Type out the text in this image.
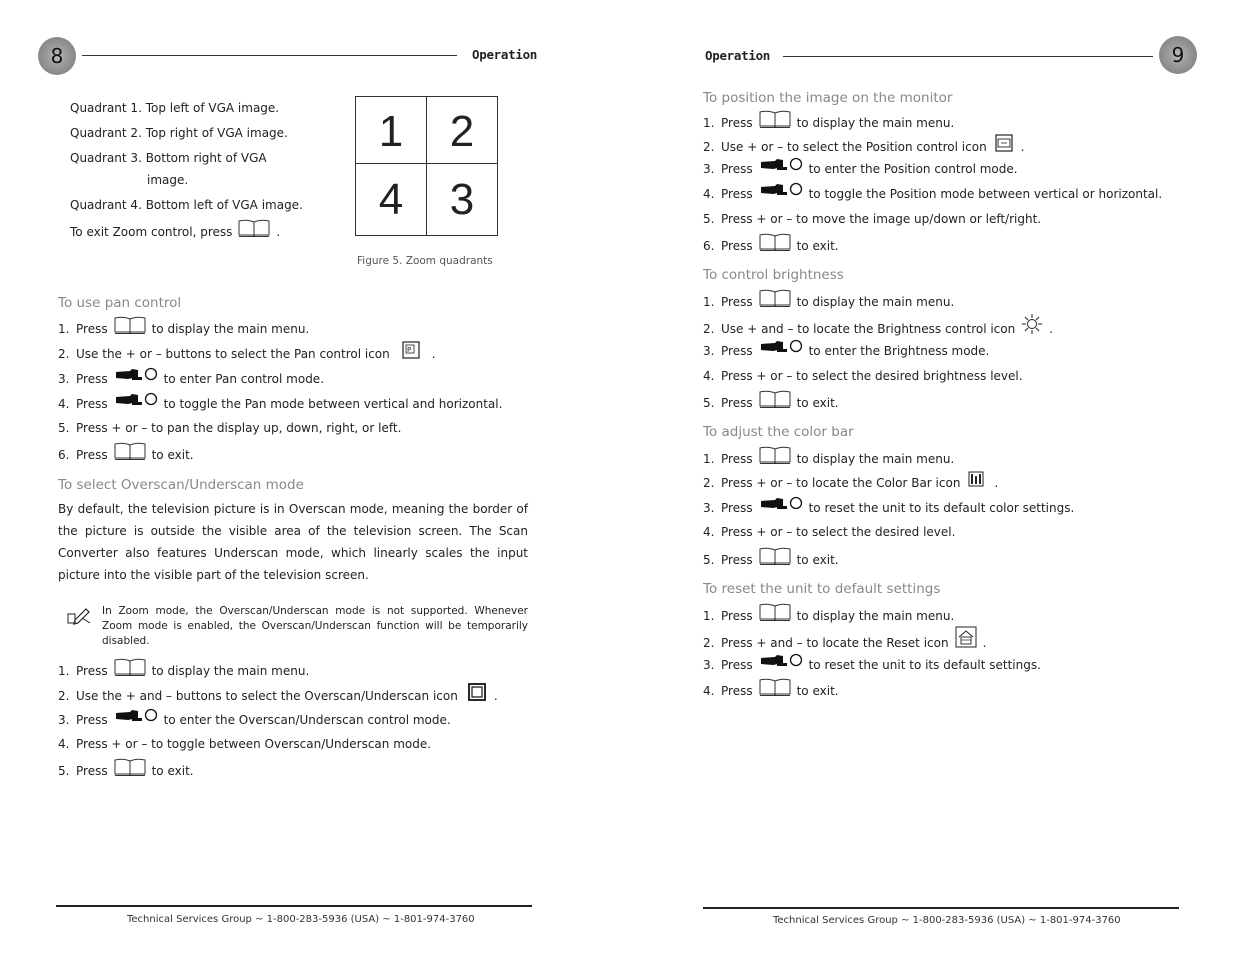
8	Operation
Quadrant 1. Top left of VGA image.
Quadrant 2. Top right of VGA image.
Quadrant 3. Bottom right of VGA
image.
Quadrant 4. Bottom left of VGA image.
To exit Zoom control, press	.
1	2
4	3
Figure 5. Zoom quadrants
To use pan control
1. Press	to display the main menu.
2. Use the + or – buttons to select the Pan control icon P .
3. Press	to enter Pan control mode.
4. Press	to toggle the Pan mode between vertical and horizontal.
5. Press + or – to pan the display up, down, right, or left.
6. Press	to exit.
To select Overscan/Underscan mode
By default, the television picture is in Overscan mode, meaning the border of the picture is outside the visible area of the television screen. The Scan Converter also features Underscan mode, which linearly scales the input picture into the visible part of the television screen.
In Zoom mode, the Overscan/Underscan mode is not supported. Whenever Zoom mode is enabled, the Overscan/Underscan function will be temporarily disabled.
1. Press	to display the main menu.
2. Use the + and – buttons to select the Overscan/Underscan icon	.
3. Press	to enter the Overscan/Underscan control mode.
4. Press + or – to toggle between Overscan/Underscan mode.
5. Press	to exit.
Technical Services Group ~ 1-800-283-5936 (USA) ~ 1-801-974-3760
Operation	9
To position the image on the monitor
1. Press	to display the main menu.
2. Use + or – to select the Position control icon	.
3. Press	to enter the Position control mode.
4. Press	to toggle the Position mode between vertical or horizontal.
5. Press + or – to move the image up/down or left/right.
6. Press	to exit.
To control brightness
1. Press	to display the main menu.
2. Use + and – to locate the Brightness control icon	.
3. Press	to enter the Brightness mode.
4. Press + or – to select the desired brightness level.
5. Press	to exit.
To adjust the color bar
1. Press	to display the main menu.
2. Press + or – to locate the Color Bar icon	.
3. Press	to reset the unit to its default color settings.
4. Press + or – to select the desired level.
5. Press	to exit.
To reset the unit to default settings
1. Press	to display the main menu.
2. Press + and – to locate the Reset icon	.
3. Press	to reset the unit to its default settings.
4. Press	to exit.
Technical Services Group ~ 1-800-283-5936 (USA) ~ 1-801-974-3760
